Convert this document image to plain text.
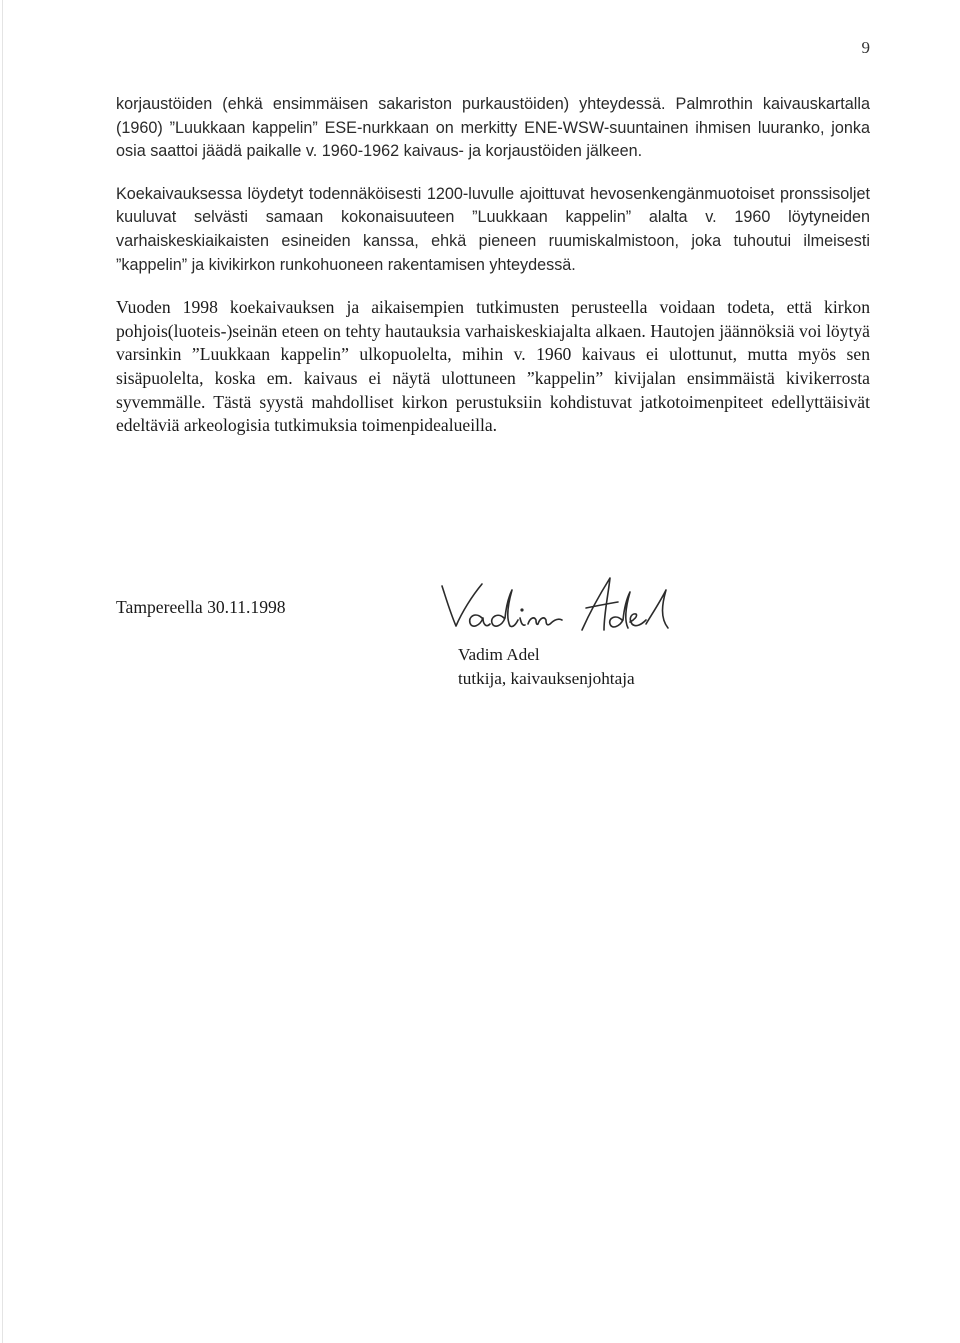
9

korjaustöiden (ehkä ensimmäisen sakariston purkaustöiden) yhteydessä. Palmrothin kaivauskartalla (1960) ”Luukkaan kappelin” ESE-nurkkaan on merkitty ENE-WSW-suuntainen ihmisen luuranko, jonka osia saattoi jäädä paikalle v. 1960-1962 kaivaus- ja korjaustöiden jälkeen.

Koekaivauksessa löydetyt todennäköisesti 1200-luvulle ajoittuvat hevosenkengänmuotoiset pronssisoljet kuuluvat selvästi samaan kokonaisuuteen ”Luukkaan kappelin” alalta v. 1960 löytyneiden varhaiskeskiaikaisten esineiden kanssa, ehkä pieneen ruumiskalmistoon, joka tuhoutui ilmeisesti ”kappelin” ja kivikirkon runkohuoneen rakentamisen yhteydessä.

Vuoden 1998 koekaivauksen ja aikaisempien tutkimusten perusteella voidaan todeta, että kirkon pohjois(luoteis-)seinän eteen on tehty hautauksia varhaiskeskiajalta alkaen. Hautojen jäännöksiä voi löytyä varsinkin ”Luukkaan kappelin” ulkopuolelta, mihin v. 1960 kaivaus ei ulottunut, mutta myös sen sisäpuolelta, koska em. kaivaus ei näytä ulottuneen ”kappelin” kivijalan ensimmäistä kivikerrosta syvemmälle. Tästä syystä mahdolliset kirkon perustuksiin kohdistuvat jatkotoimenpiteet edellyttäisivät edeltäviä arkeologisia tutkimuksia toimenpidealueilla.

Tampereella 30.11.1998
Vadim Adel
tutkija, kaivauksenjohtaja
